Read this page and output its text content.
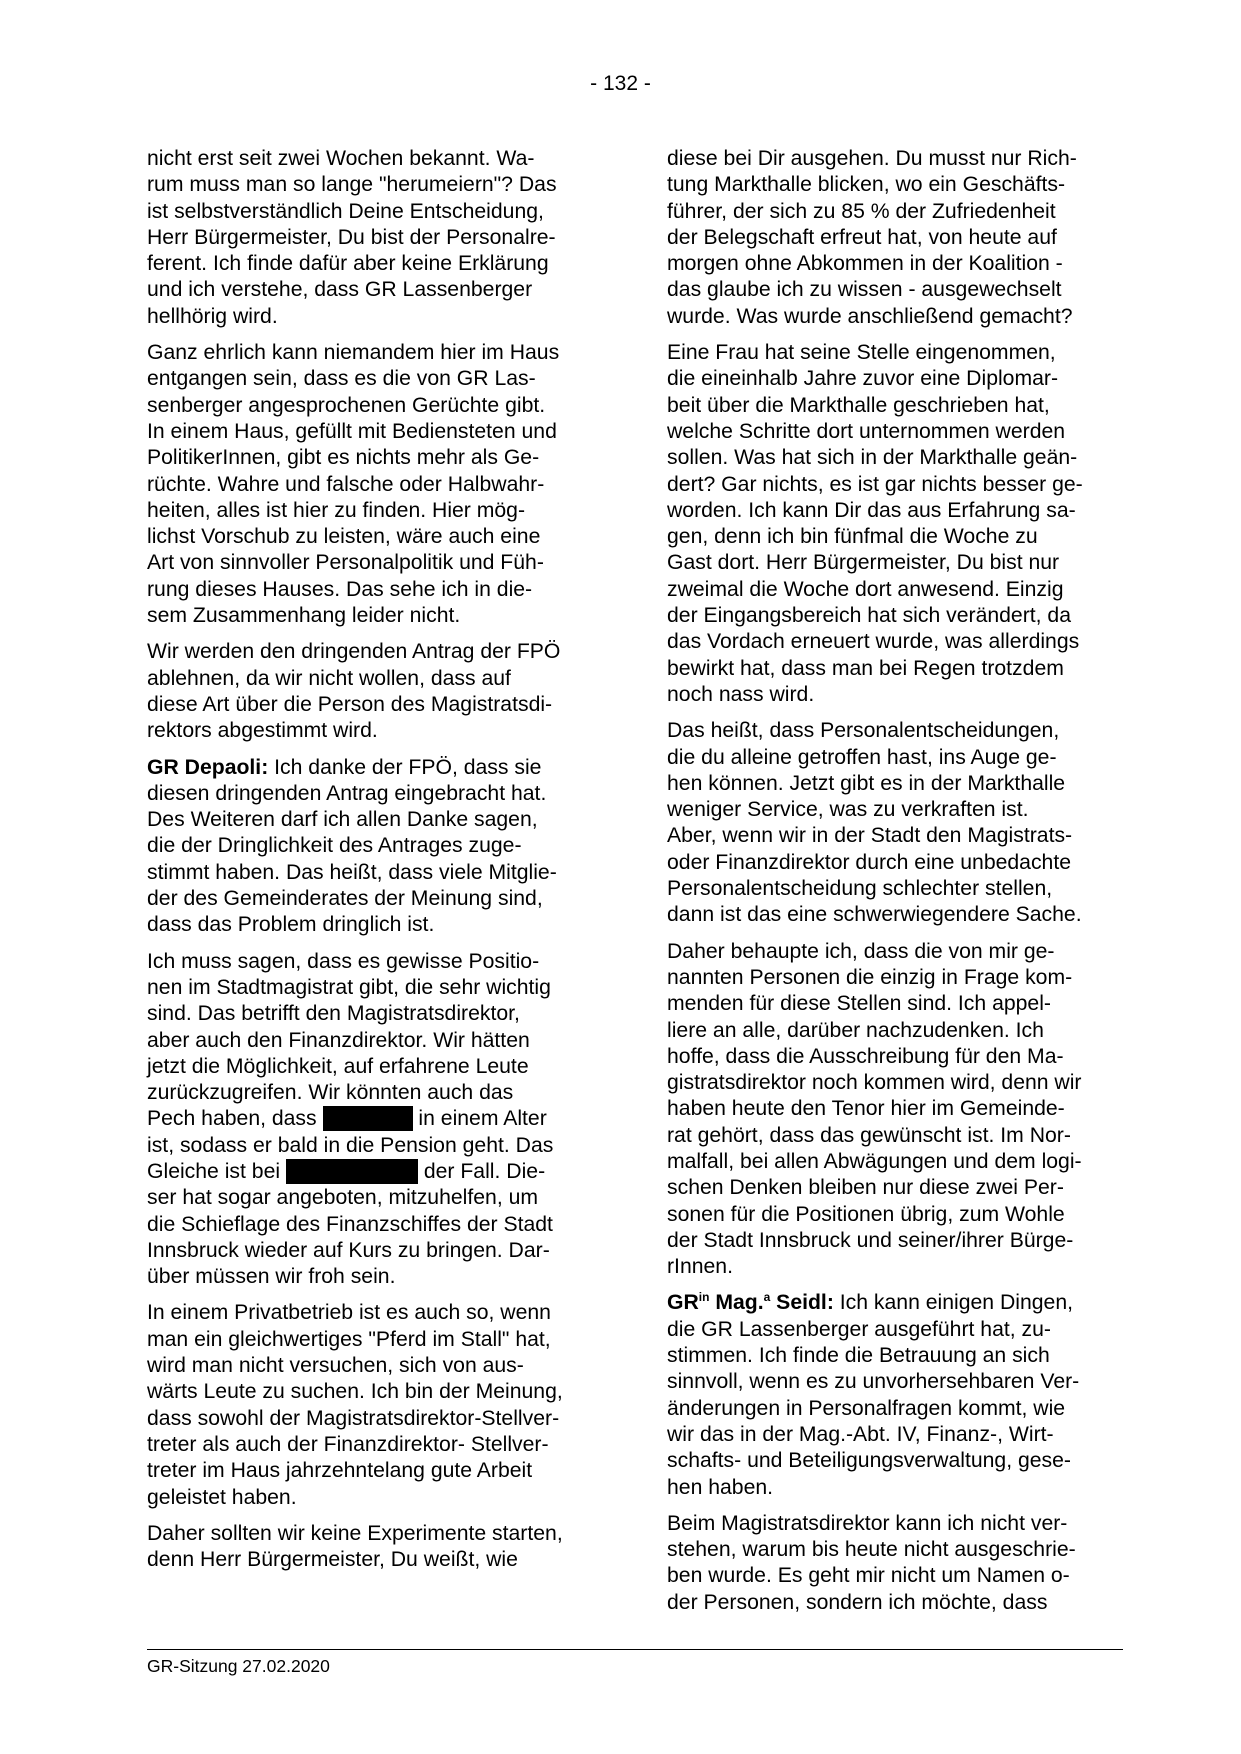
- 132 -

nicht erst seit zwei Wochen bekannt. Wa-
rum muss man so lange "herumeiern"? Das
ist selbstverständlich Deine Entscheidung,
Herr Bürgermeister, Du bist der Personalre-
ferent. Ich finde dafür aber keine Erklärung
und ich verstehe, dass GR Lassenberger
hellhörig wird.

Ganz ehrlich kann niemandem hier im Haus
entgangen sein, dass es die von GR Las-
senberger angesprochenen Gerüchte gibt.
In einem Haus, gefüllt mit Bediensteten und
PolitikerInnen, gibt es nichts mehr als Ge-
rüchte. Wahre und falsche oder Halbwahr-
heiten, alles ist hier zu finden. Hier mög-
lichst Vorschub zu leisten, wäre auch eine
Art von sinnvoller Personalpolitik und Füh-
rung dieses Hauses. Das sehe ich in die-
sem Zusammenhang leider nicht.

Wir werden den dringenden Antrag der FPÖ
ablehnen, da wir nicht wollen, dass auf
diese Art über die Person des Magistratsdi-
rektors abgestimmt wird.

GR Depaoli: Ich danke der FPÖ, dass sie
diesen dringenden Antrag eingebracht hat.
Des Weiteren darf ich allen Danke sagen,
die der Dringlichkeit des Antrages zuge-
stimmt haben. Das heißt, dass viele Mitglie-
der des Gemeinderates der Meinung sind,
dass das Problem dringlich ist.

Ich muss sagen, dass es gewisse Positio-
nen im Stadtmagistrat gibt, die sehr wichtig
sind. Das betrifft den Magistratsdirektor,
aber auch den Finanzdirektor. Wir hätten
jetzt die Möglichkeit, auf erfahrene Leute
zurückzugreifen. Wir könnten auch das
Pech haben, dass	in einem Alter
ist, sodass er bald in die Pension geht. Das
Gleiche ist bei	der Fall. Die-
ser hat sogar angeboten, mitzuhelfen, um
die Schieflage des Finanzschiffes der Stadt
Innsbruck wieder auf Kurs zu bringen. Dar-
über müssen wir froh sein.

In einem Privatbetrieb ist es auch so, wenn
man ein gleichwertiges "Pferd im Stall" hat,
wird man nicht versuchen, sich von aus-
wärts Leute zu suchen. Ich bin der Meinung,
dass sowohl der Magistratsdirektor-Stellver-
treter als auch der Finanzdirektor- Stellver-
treter im Haus jahrzehntelang gute Arbeit
geleistet haben.

Daher sollten wir keine Experimente starten,
denn Herr Bürgermeister, Du weißt, wie

diese bei Dir ausgehen. Du musst nur Rich-
tung Markthalle blicken, wo ein Geschäfts-
führer, der sich zu 85 % der Zufriedenheit
der Belegschaft erfreut hat, von heute auf
morgen ohne Abkommen in der Koalition -
das glaube ich zu wissen - ausgewechselt
wurde. Was wurde anschließend gemacht?

Eine Frau hat seine Stelle eingenommen,
die eineinhalb Jahre zuvor eine Diplomar-
beit über die Markthalle geschrieben hat,
welche Schritte dort unternommen werden
sollen. Was hat sich in der Markthalle geän-
dert? Gar nichts, es ist gar nichts besser ge-
worden. Ich kann Dir das aus Erfahrung sa-
gen, denn ich bin fünfmal die Woche zu
Gast dort. Herr Bürgermeister, Du bist nur
zweimal die Woche dort anwesend. Einzig
der Eingangsbereich hat sich verändert, da
das Vordach erneuert wurde, was allerdings
bewirkt hat, dass man bei Regen trotzdem
noch nass wird.

Das heißt, dass Personalentscheidungen,
die du alleine getroffen hast, ins Auge ge-
hen können. Jetzt gibt es in der Markthalle
weniger Service, was zu verkraften ist.
Aber, wenn wir in der Stadt den Magistrats-
oder Finanzdirektor durch eine unbedachte
Personalentscheidung schlechter stellen,
dann ist das eine schwerwiegendere Sache.

Daher behaupte ich, dass die von mir ge-
nannten Personen die einzig in Frage kom-
menden für diese Stellen sind. Ich appel-
liere an alle, darüber nachzudenken. Ich
hoffe, dass die Ausschreibung für den Ma-
gistratsdirektor noch kommen wird, denn wir
haben heute den Tenor hier im Gemeinde-
rat gehört, dass das gewünscht ist. Im Nor-
malfall, bei allen Abwägungen und dem logi-
schen Denken bleiben nur diese zwei Per-
sonen für die Positionen übrig, zum Wohle
der Stadt Innsbruck und seiner/ihrer Bürge-
rInnen.

$GR^{in}$ Mag.$^a$ Seidl: Ich kann einigen Dingen,
die GR Lassenberger ausgeführt hat, zu-
stimmen. Ich finde die Betrauung an sich
sinnvoll, wenn es zu unvorhersehbaren Ver-
änderungen in Personalfragen kommt, wie
wir das in der Mag.-Abt. IV, Finanz-, Wirt-
schafts- und Beteiligungsverwaltung, gese-
hen haben.

Beim Magistratsdirektor kann ich nicht ver-
stehen, warum bis heute nicht ausgeschrie-
ben wurde. Es geht mir nicht um Namen o-
der Personen, sondern ich möchte, dass

GR-Sitzung 27.02.2020
